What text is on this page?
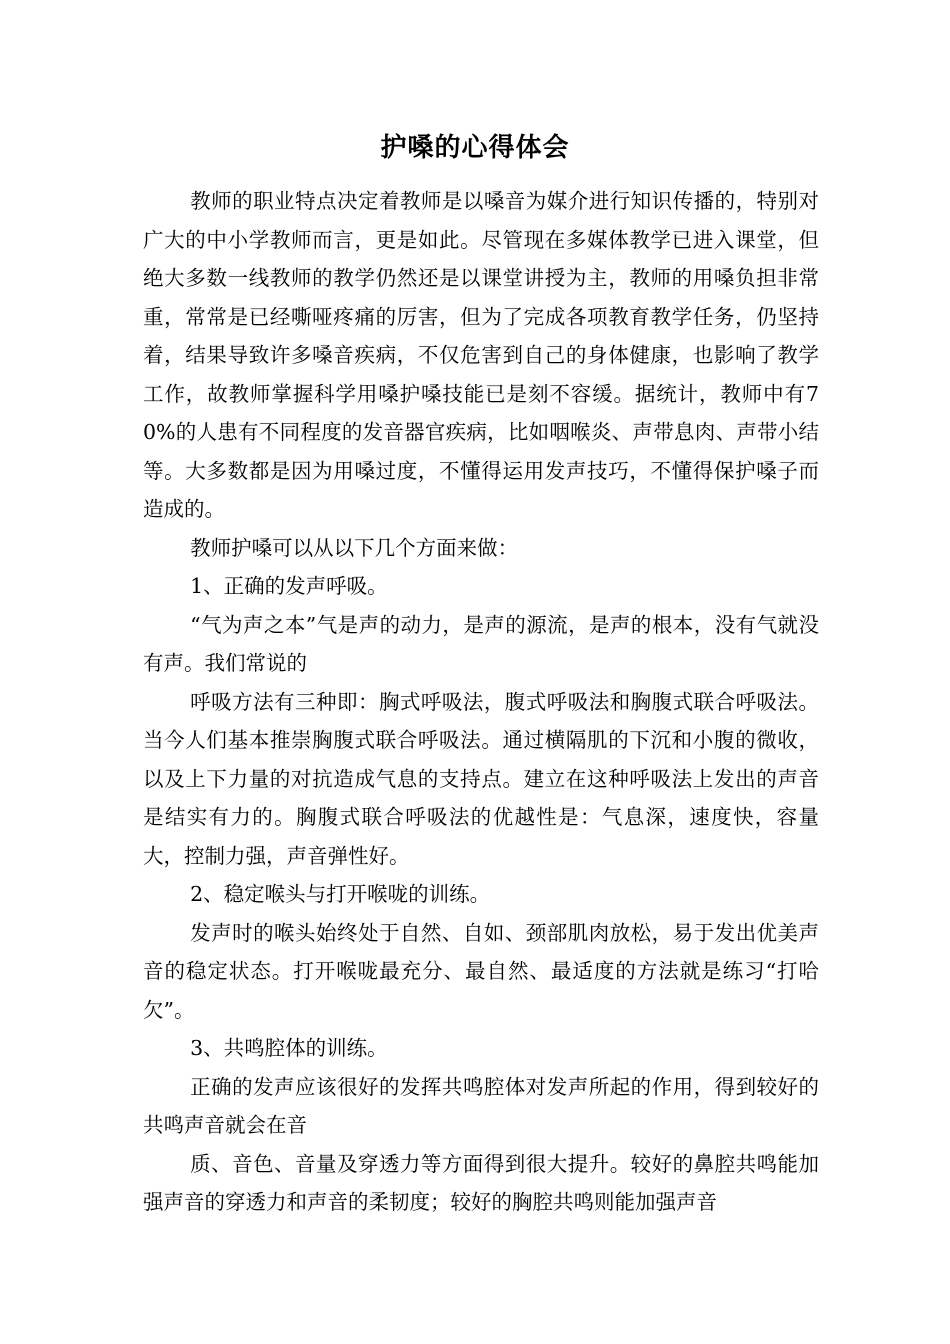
护嗓的心得体会

教师的职业特点决定着教师是以嗓音为媒介进行知识传播的，特别对广大的中小学教师而言，更是如此。尽管现在多媒体教学已进入课堂，但绝大多数一线教师的教学仍然还是以课堂讲授为主，教师的用嗓负担非常重，常常是已经嘶哑疼痛的厉害，但为了完成各项教育教学任务，仍坚持着，结果导致许多嗓音疾病，不仅危害到自己的身体健康，也影响了教学工作，故教师掌握科学用嗓护嗓技能已是刻不容缓。据统计，教师中有70%的人患有不同程度的发音器官疾病，比如咽喉炎、声带息肉、声带小结等。大多数都是因为用嗓过度，不懂得运用发声技巧，不懂得保护嗓子而造成的。

教师护嗓可以从以下几个方面来做：

1、正确的发声呼吸。

“气为声之本”气是声的动力，是声的源流，是声的根本，没有气就没有声。我们常说的

呼吸方法有三种即：胸式呼吸法，腹式呼吸法和胸腹式联合呼吸法。当今人们基本推崇胸腹式联合呼吸法。通过横隔肌的下沉和小腹的微收，以及上下力量的对抗造成气息的支持点。建立在这种呼吸法上发出的声音是结实有力的。胸腹式联合呼吸法的优越性是：气息深，速度快，容量大，控制力强，声音弹性好。

2、稳定喉头与打开喉咙的训练。

发声时的喉头始终处于自然、自如、颈部肌肉放松，易于发出优美声音的稳定状态。打开喉咙最充分、最自然、最适度的方法就是练习“打哈欠”。

3、共鸣腔体的训练。

正确的发声应该很好的发挥共鸣腔体对发声所起的作用，得到较好的共鸣声音就会在音

质、音色、音量及穿透力等方面得到很大提升。较好的鼻腔共鸣能加强声音的穿透力和声音的柔韧度；较好的胸腔共鸣则能加强声音
